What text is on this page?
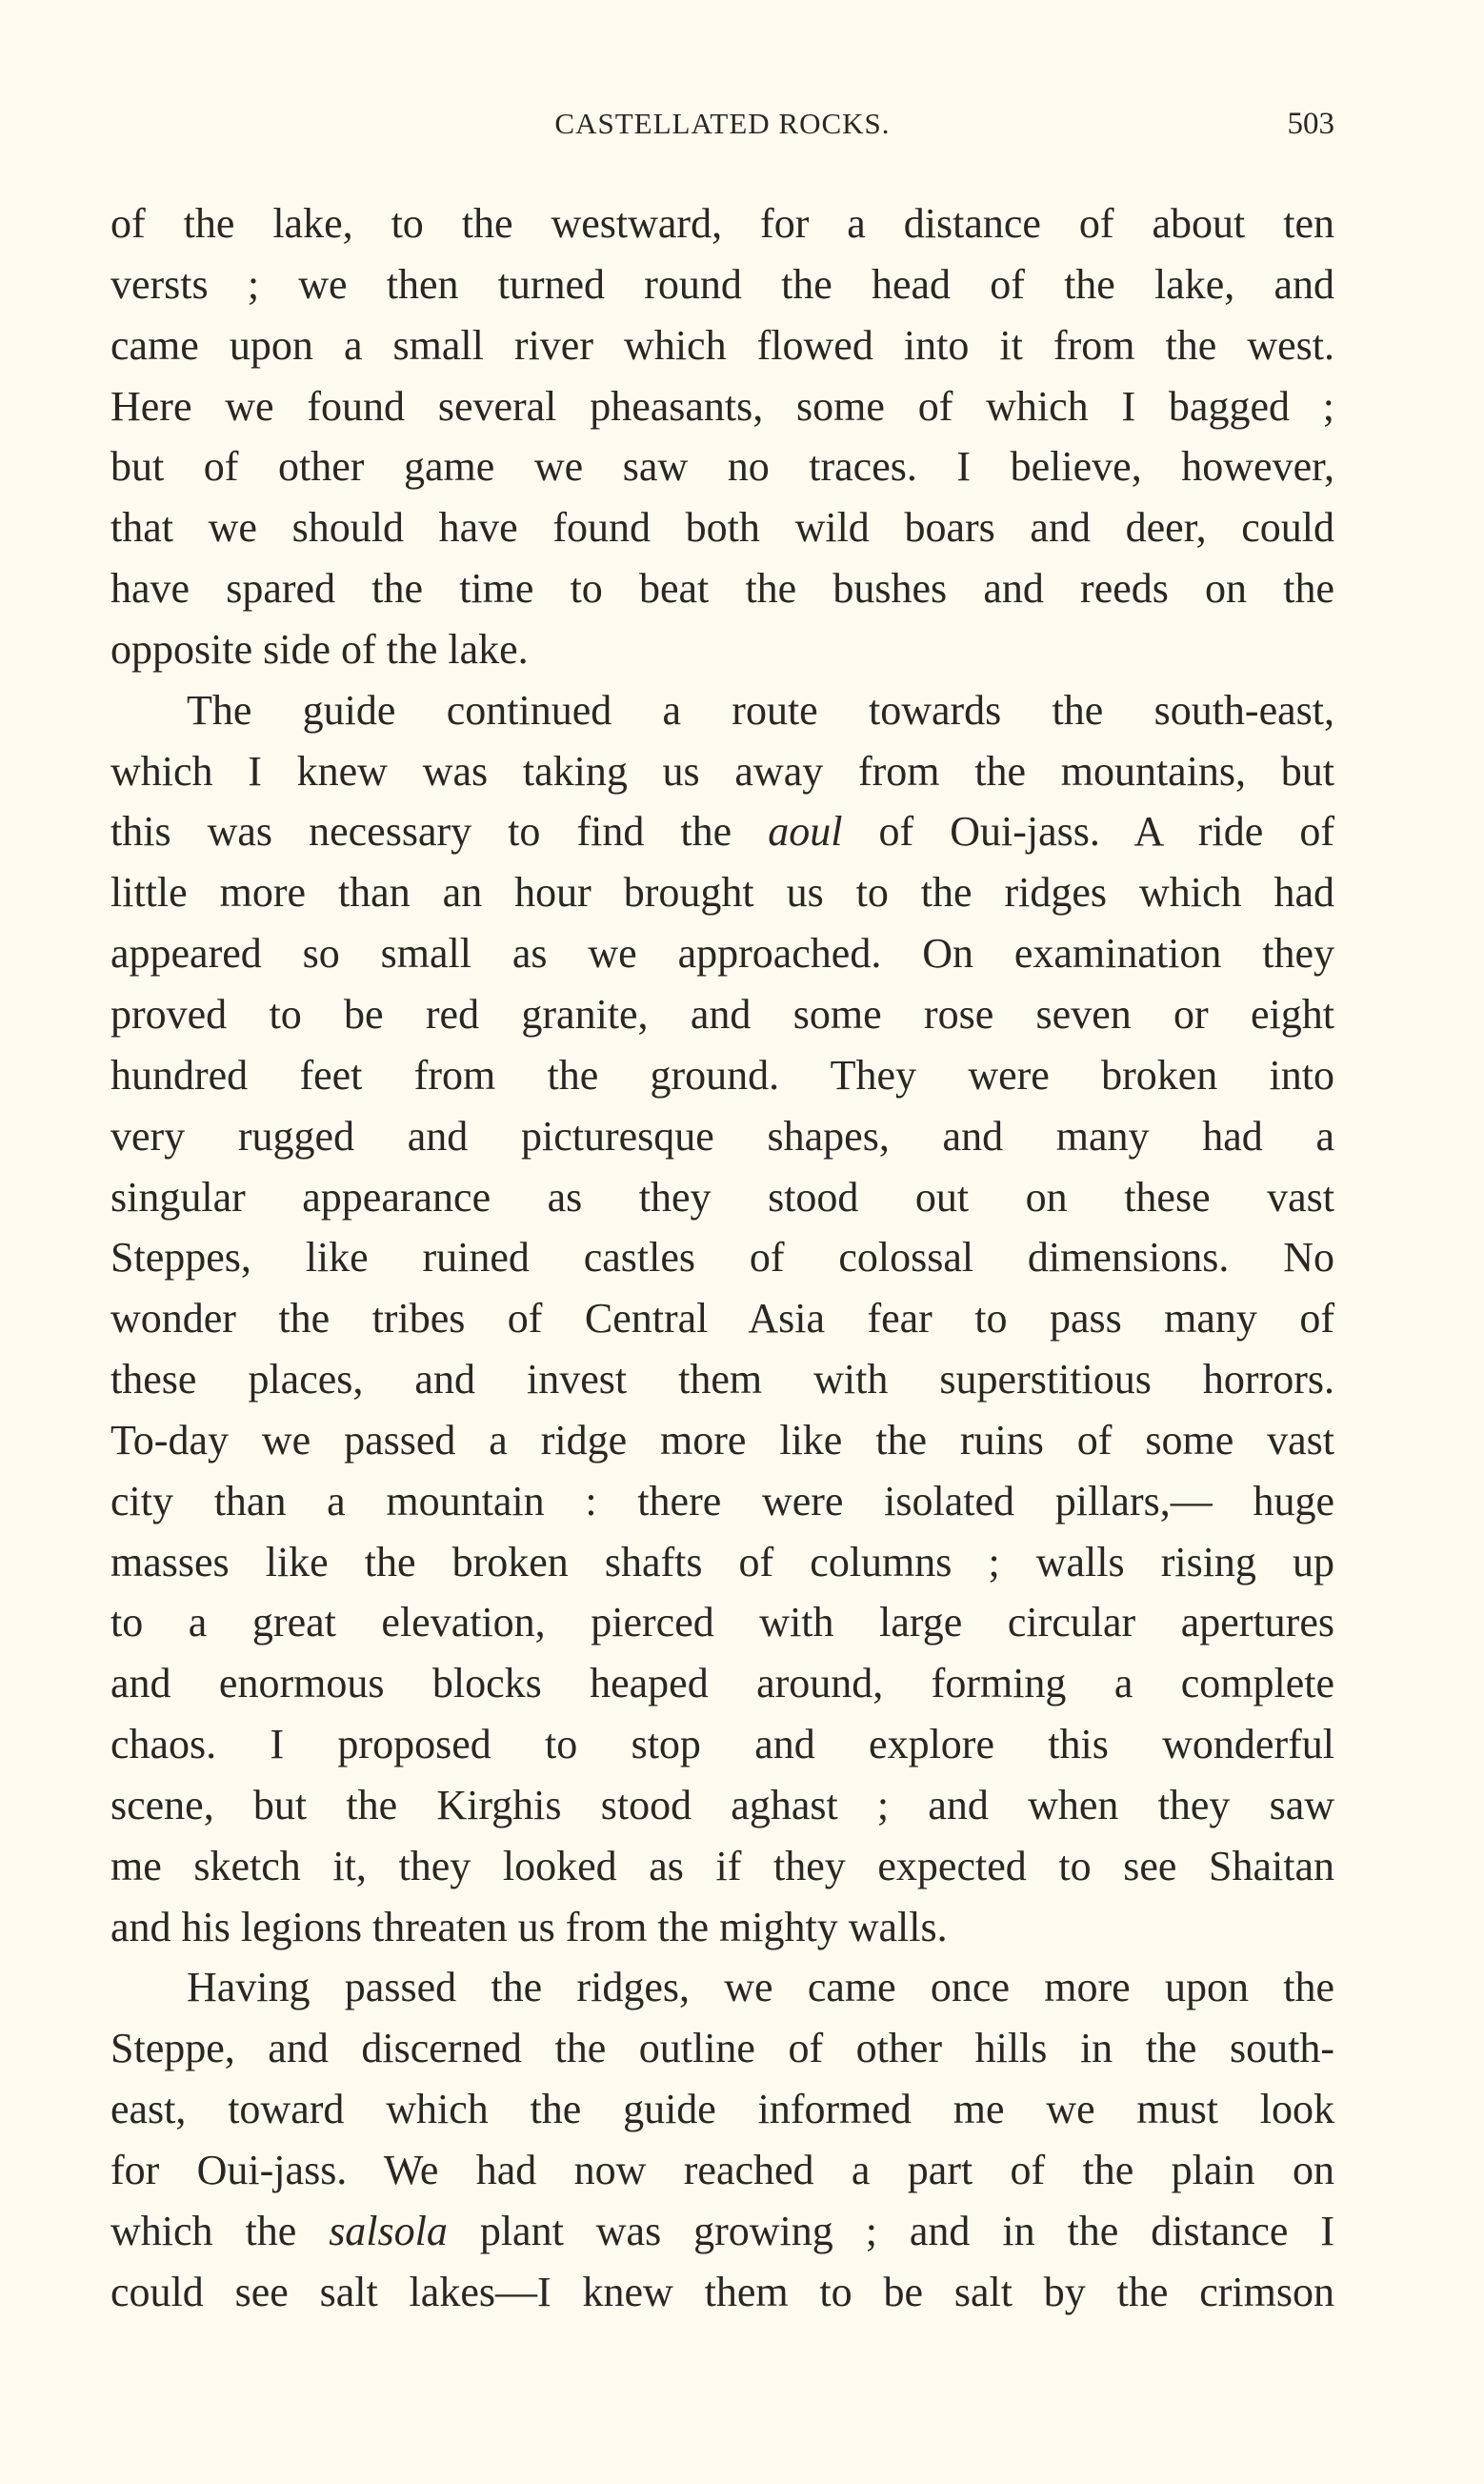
CASTELLATED ROCKS.	503
of the lake, to the westward, for a distance of about ten
versts ; we then turned round the head of the lake, and
came upon a small river which flowed into it from the west.
Here we found several pheasants, some of which I bagged ;
but of other game we saw no traces. I believe, however,
that we should have found both wild boars and deer, could
have spared the time to beat the bushes and reeds on the
opposite side of the lake.
The guide continued a route towards the south-east,
which I knew was taking us away from the mountains, but
this was necessary to find the aoul of Oui-jass. A ride of
little more than an hour brought us to the ridges which had
appeared so small as we approached. On examination they
proved to be red granite, and some rose seven or eight
hundred feet from the ground. They were broken into
very rugged and picturesque shapes, and many had a
singular appearance as they stood out on these vast
Steppes, like ruined castles of colossal dimensions. No
wonder the tribes of Central Asia fear to pass many of
these places, and invest them with superstitious horrors.
To-day we passed a ridge more like the ruins of some vast
city than a mountain : there were isolated pillars,— huge
masses like the broken shafts of columns ; walls rising up
to a great elevation, pierced with large circular apertures
and enormous blocks heaped around, forming a complete
chaos. I proposed to stop and explore this wonderful
scene, but the Kirghis stood aghast ; and when they saw
me sketch it, they looked as if they expected to see Shaitan
and his legions threaten us from the mighty walls.
Having passed the ridges, we came once more upon the
Steppe, and discerned the outline of other hills in the south-
east, toward which the guide informed me we must look
for Oui-jass. We had now reached a part of the plain on
which the salsola plant was growing ; and in the distance I
could see salt lakes—I knew them to be salt by the crimson
